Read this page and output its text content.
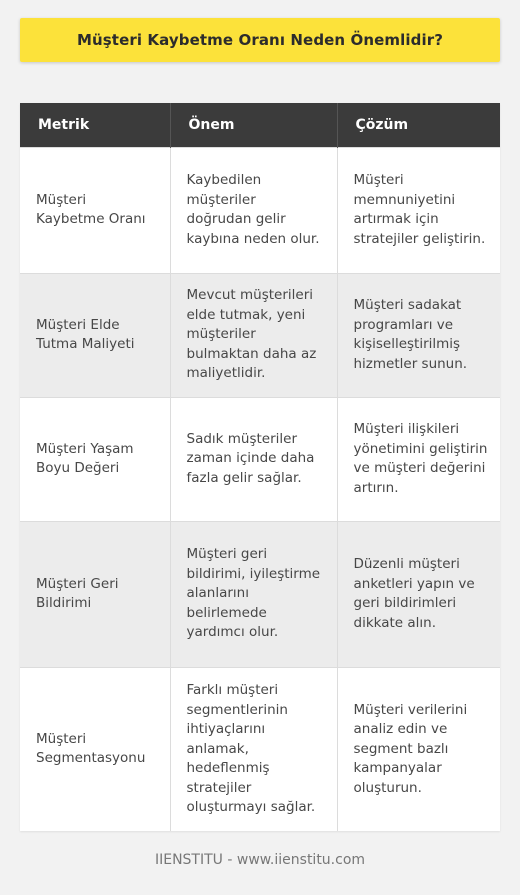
Müşteri Kaybetme Oranı Neden Önemlidir?
Metrik	Önem	Çözüm
Müşteri Kaybetme Oranı	Kaybedilen müşteriler doğrudan gelir kaybına neden olur.	Müşteri memnuniyetini artırmak için stratejiler geliştirin.
Müşteri Elde Tutma Maliyeti	Mevcut müşterileri elde tutmak, yeni müşteriler bulmaktan daha az maliyetlidir.	Müşteri sadakat programları ve kişiselleştirilmiş hizmetler sunun.
Müşteri Yaşam Boyu Değeri	Sadık müşteriler zaman içinde daha fazla gelir sağlar.	Müşteri ilişkileri yönetimini geliştirin ve müşteri değerini artırın.
Müşteri Geri Bildirimi	Müşteri geri bildirimi, iyileştirme alanlarını belirlemede yardımcı olur.	Düzenli müşteri anketleri yapın ve geri bildirimleri dikkate alın.
Müşteri Segmentasyonu	Farklı müşteri segmentlerinin ihtiyaçlarını anlamak, hedeflenmiş stratejiler oluşturmayı sağlar.	Müşteri verilerini analiz edin ve segment bazlı kampanyalar oluşturun.
IIENSTITU - www.iienstitu.com
